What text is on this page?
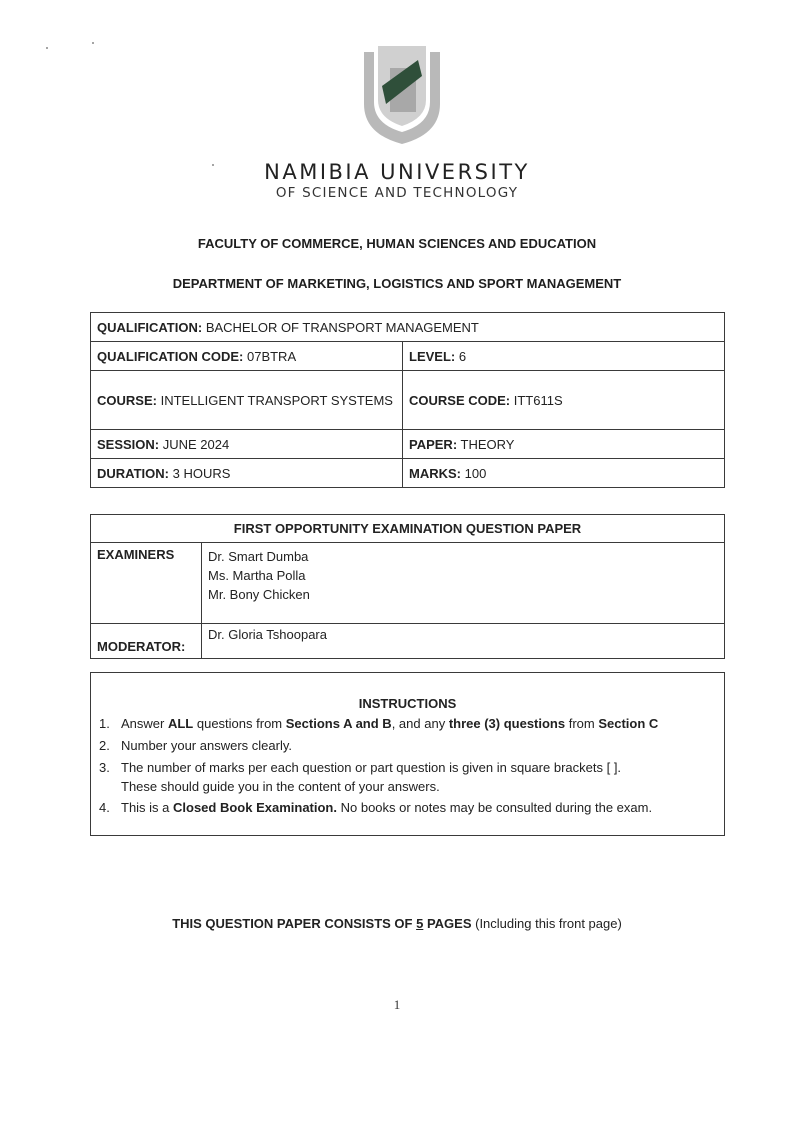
NAMIBIA UNIVERSITY
OF SCIENCE AND TECHNOLOGY
FACULTY OF COMMERCE, HUMAN SCIENCES AND EDUCATION
DEPARTMENT OF MARKETING, LOGISTICS AND SPORT MANAGEMENT
QUALIFICATION: BACHELOR OF TRANSPORT MANAGEMENT	
QUALIFICATION CODE: 07BTRA	LEVEL: 6
COURSE: INTELLIGENT TRANSPORT SYSTEMS	COURSE CODE: ITT611S
SESSION: JUNE 2024	PAPER: THEORY
DURATION: 3 HOURS	MARKS: 100
FIRST OPPORTUNITY EXAMINATION QUESTION PAPER	
EXAMINERS	Dr. Smart Dumba
Ms. Martha Polla
Mr. Bony Chicken

MODERATOR:	Dr. Gloria Tshoopara
INSTRUCTIONS
1. Answer ALL questions from Sections A and B, and any three (3) questions from Section C
2. Number your answers clearly.
3. The number of marks per each question or part question is given in square brackets [ ].
These should guide you in the content of your answers.
4. This is a Closed Book Examination. No books or notes may be consulted during the exam.
THIS QUESTION PAPER CONSISTS OF 5 PAGES (Including this front page)
1
